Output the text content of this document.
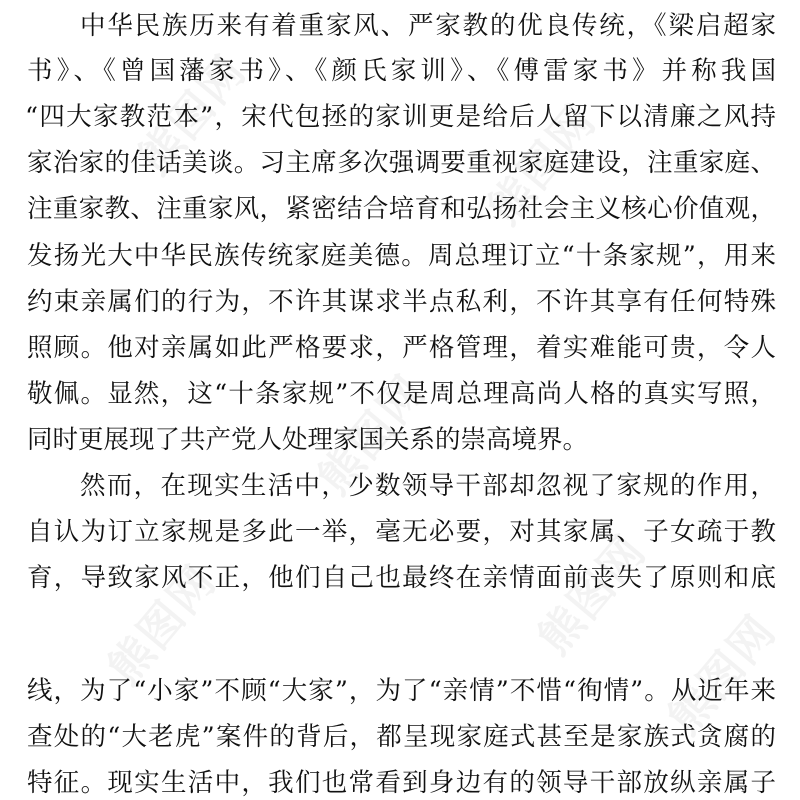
熊图网	熊图网
熊图网
熊图网
熊图网	熊图网
中华民族历来有着重家风、严家教的优良传统，《梁启超家
书》、《曾国藩家书》、《颜氏家训》、《傅雷家书》并称我国
“四大家教范本”，宋代包拯的家训更是给后人留下以清廉之风持
家治家的佳话美谈。习主席多次强调要重视家庭建设，注重家庭、
注重家教、注重家风，紧密结合培育和弘扬社会主义核心价值观，
发扬光大中华民族传统家庭美德。周总理订立“十条家规”，用来
约束亲属们的行为，不许其谋求半点私利，不许其享有任何特殊
照顾。他对亲属如此严格要求，严格管理，着实难能可贵，令人
敬佩。显然，这“十条家规”不仅是周总理高尚人格的真实写照，
同时更展现了共产党人处理家国关系的崇高境界。
然而，在现实生活中，少数领导干部却忽视了家规的作用，
自认为订立家规是多此一举，毫无必要，对其家属、子女疏于教
育，导致家风不正，他们自己也最终在亲情面前丧失了原则和底
线，为了“小家”不顾“大家”，为了“亲情”不惜“徇情”。从近年来
查处的“大老虎”案件的背后，都呈现家庭式甚至是家族式贪腐的
特征。现实生活中，我们也常看到身边有的领导干部放纵亲属子
